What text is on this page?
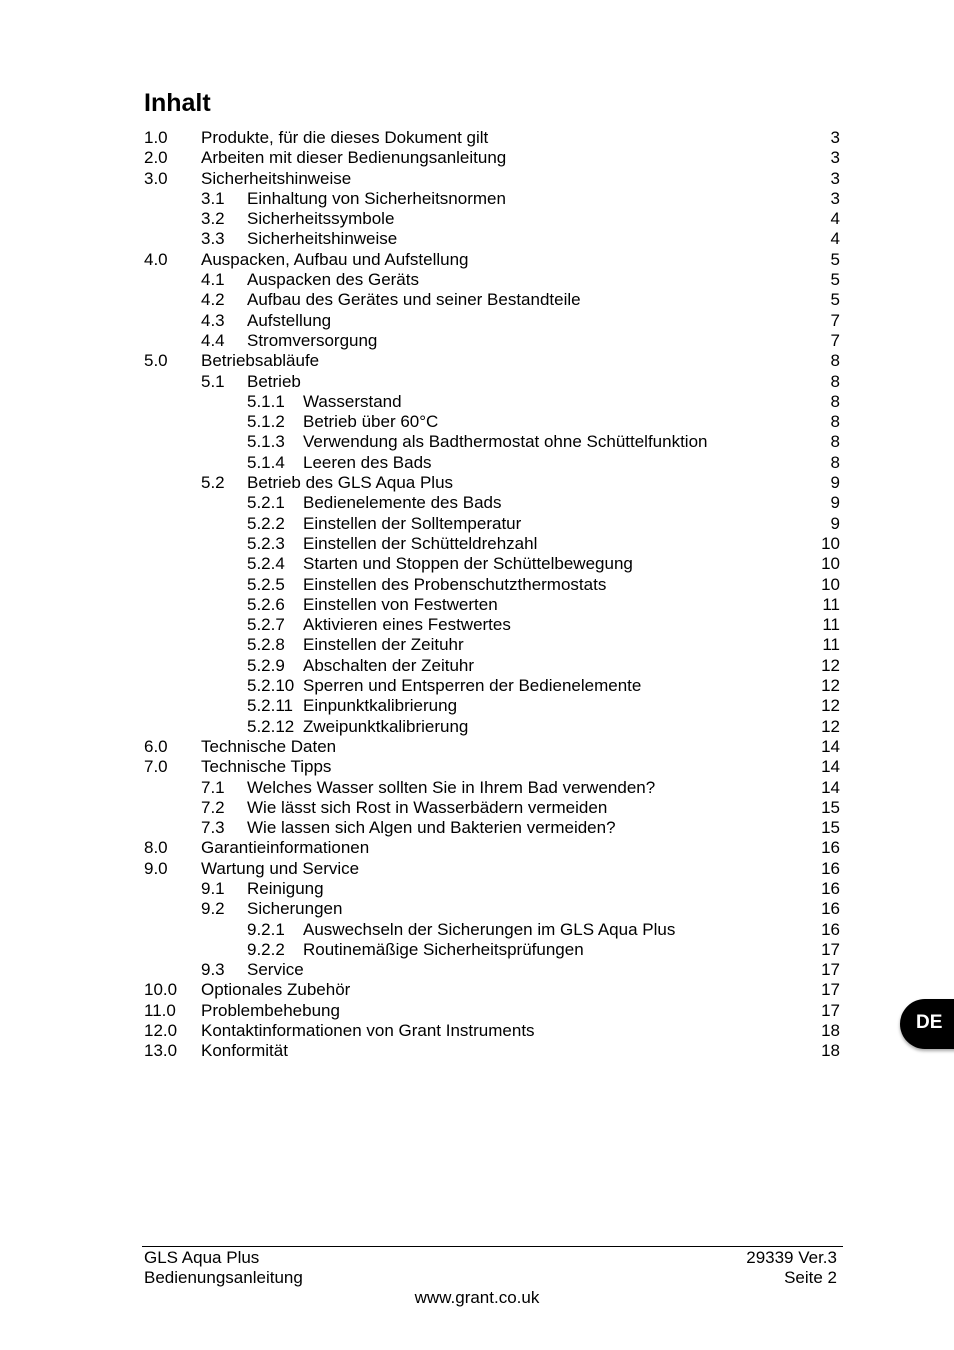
Inhalt
1.0 Produkte, für die dieses Dokument gilt	3
2.0 Arbeiten mit dieser Bedienungsanleitung	3
3.0 Sicherheitshinweise	3
3.1 Einhaltung von Sicherheitsnormen	3
3.2 Sicherheitssymbole	4
3.3 Sicherheitshinweise	4
4.0 Auspacken, Aufbau und Aufstellung	5
4.1 Auspacken des Geräts	5
4.2 Aufbau des Gerätes und seiner Bestandteile	5
4.3 Aufstellung	7
4.4 Stromversorgung	7
5.0 Betriebsabläufe	8
5.1 Betrieb	8
5.1.1 Wasserstand	8
5.1.2 Betrieb über 60°C	8
5.1.3 Verwendung als Badthermostat ohne Schüttelfunktion	8
5.1.4 Leeren des Bads	8
5.2 Betrieb des GLS Aqua Plus	9
5.2.1 Bedienelemente des Bads	9
5.2.2 Einstellen der Solltemperatur	9
5.2.3 Einstellen der Schütteldrehzahl	10
5.2.4 Starten und Stoppen der Schüttelbewegung	10
5.2.5 Einstellen des Probenschutzthermostats	10
5.2.6 Einstellen von Festwerten	11
5.2.7 Aktivieren eines Festwertes	11
5.2.8 Einstellen der Zeituhr	11
5.2.9 Abschalten der Zeituhr	12
5.2.10 Sperren und Entsperren der Bedienelemente	12
5.2.11 Einpunktkalibrierung	12
5.2.12 Zweipunktkalibrierung	12
6.0 Technische Daten	14
7.0 Technische Tipps	14
7.1 Welches Wasser sollten Sie in Ihrem Bad verwenden?	14
7.2 Wie lässt sich Rost in Wasserbädern vermeiden	15
7.3 Wie lassen sich Algen und Bakterien vermeiden?	15
8.0 Garantieinformationen	16
9.0 Wartung und Service	16
9.1 Reinigung	16
9.2 Sicherungen	16
9.2.1 Auswechseln der Sicherungen im GLS Aqua Plus	16
9.2.2 Routinemäßige Sicherheitsprüfungen	17
9.3 Service	17
10.0 Optionales Zubehör	17
11.0 Problembehebung	17
12.0 Kontaktinformationen von Grant Instruments	18
13.0 Konformität	18
DE
GLS Aqua Plus
Bedienungsanleitung
29339 Ver.3
Seite 2
www.grant.co.uk
